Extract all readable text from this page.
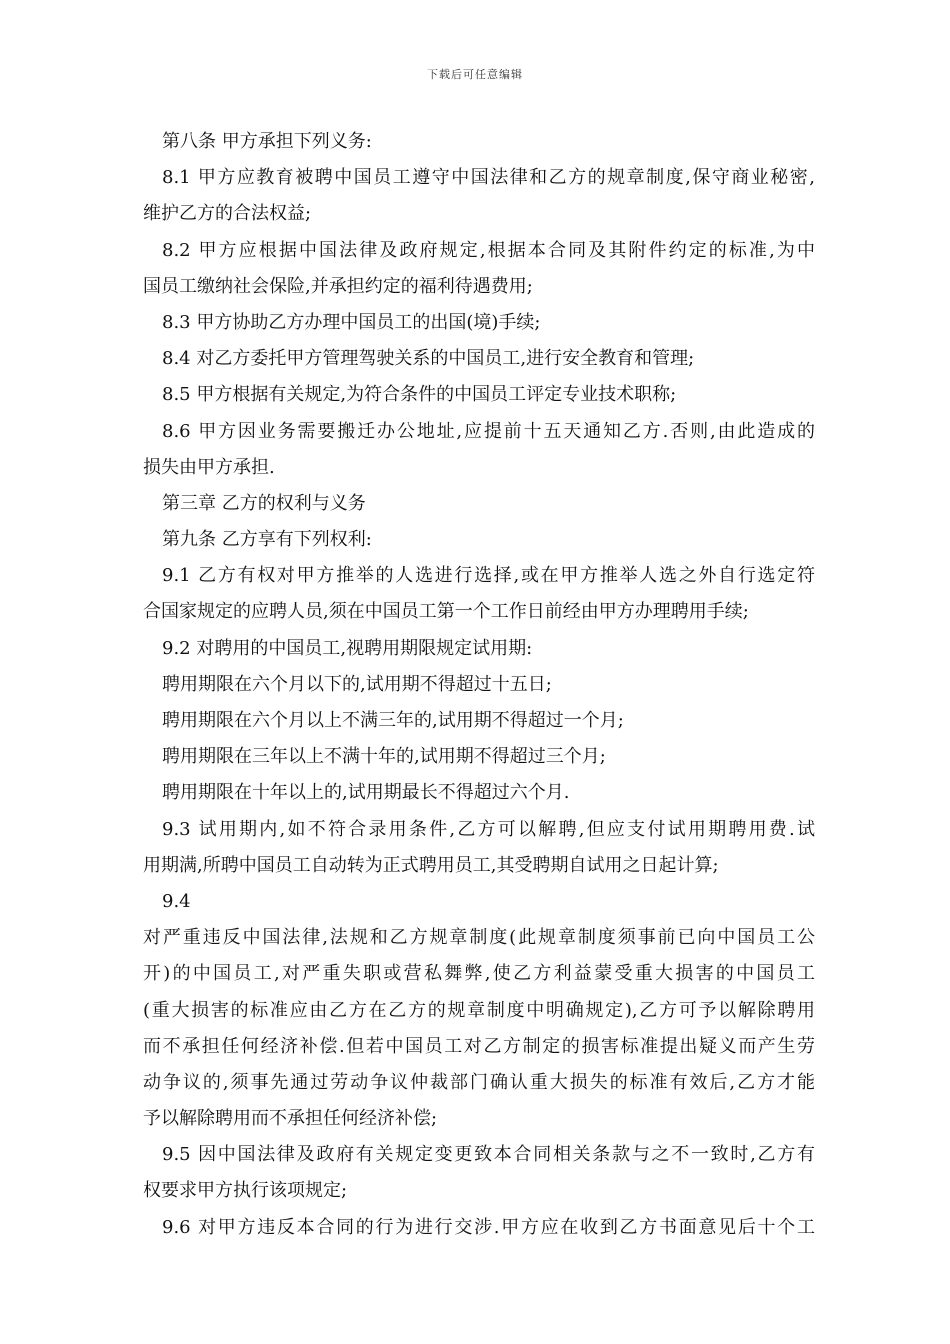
下载后可任意编辑
第八条 甲方承担下列义务:
8.1 甲方应教育被聘中国员工遵守中国法律和乙方的规章制度,保守商业秘密,
维护乙方的合法权益;
8.2 甲方应根据中国法律及政府规定,根据本合同及其附件约定的标准,为中
国员工缴纳社会保险,并承担约定的福利待遇费用;
8.3 甲方协助乙方办理中国员工的出国(境)手续;
8.4 对乙方委托甲方管理驾驶关系的中国员工,进行安全教育和管理;
8.5 甲方根据有关规定,为符合条件的中国员工评定专业技术职称;
8.6 甲方因业务需要搬迁办公地址,应提前十五天通知乙方.否则,由此造成的
损失由甲方承担.
第三章 乙方的权利与义务
第九条 乙方享有下列权利:
9.1 乙方有权对甲方推举的人选进行选择,或在甲方推举人选之外自行选定符
合国家规定的应聘人员,须在中国员工第一个工作日前经由甲方办理聘用手续;
9.2 对聘用的中国员工,视聘用期限规定试用期:
聘用期限在六个月以下的,试用期不得超过十五日;
聘用期限在六个月以上不满三年的,试用期不得超过一个月;
聘用期限在三年以上不满十年的,试用期不得超过三个月;
聘用期限在十年以上的,试用期最长不得超过六个月.
9.3 试用期内,如不符合录用条件,乙方可以解聘,但应支付试用期聘用费.试
用期满,所聘中国员工自动转为正式聘用员工,其受聘期自试用之日起计算;
9.4
对严重违反中国法律,法规和乙方规章制度(此规章制度须事前已向中国员工公
开)的中国员工,对严重失职或营私舞弊,使乙方利益蒙受重大损害的中国员工
(重大损害的标准应由乙方在乙方的规章制度中明确规定),乙方可予以解除聘用
而不承担任何经济补偿.但若中国员工对乙方制定的损害标准提出疑义而产生劳
动争议的,须事先通过劳动争议仲裁部门确认重大损失的标准有效后,乙方才能
予以解除聘用而不承担任何经济补偿;
9.5 因中国法律及政府有关规定变更致本合同相关条款与之不一致时,乙方有
权要求甲方执行该项规定;
9.6 对甲方违反本合同的行为进行交涉.甲方应在收到乙方书面意见后十个工
